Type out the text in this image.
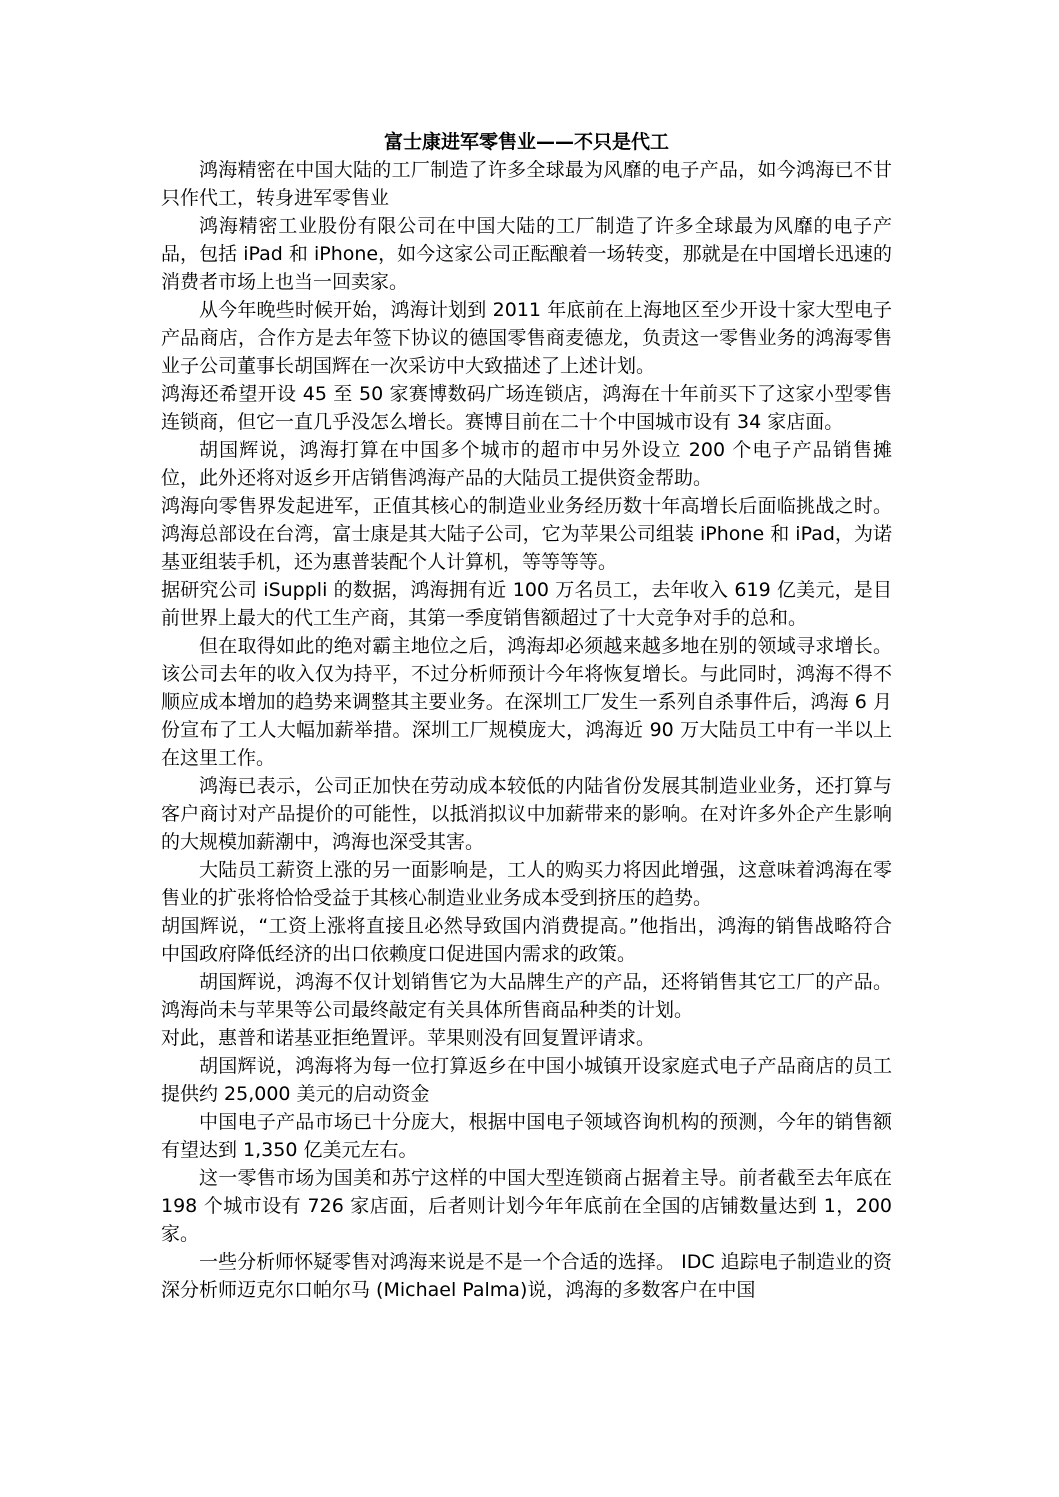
富士康进军零售业——不只是代工

鸿海精密在中国大陆的工厂制造了许多全球最为风靡的电子产品，如今鸿海已不甘只作代工，转身进军零售业

鸿海精密工业股份有限公司在中国大陆的工厂制造了许多全球最为风靡的电子产品，包括 iPad 和 iPhone，如今这家公司正酝酿着一场转变，那就是在中国增长迅速的消费者市场上也当一回卖家。

从今年晚些时候开始，鸿海计划到 2011 年底前在上海地区至少开设十家大型电子产品商店，合作方是去年签下协议的德国零售商麦德龙，负责这一零售业务的鸿海零售业子公司董事长胡国辉在一次采访中大致描述了上述计划。

鸿海还希望开设 45 至 50 家赛博数码广场连锁店，鸿海在十年前买下了这家小型零售连锁商，但它一直几乎没怎么增长。赛博目前在二十个中国城市设有 34 家店面。

胡国辉说，鸿海打算在中国多个城市的超市中另外设立 200 个电子产品销售摊位，此外还将对返乡开店销售鸿海产品的大陆员工提供资金帮助。

鸿海向零售界发起进军，正值其核心的制造业业务经历数十年高增长后面临挑战之时。鸿海总部设在台湾，富士康是其大陆子公司，它为苹果公司组装 iPhone 和 iPad，为诺基亚组装手机，还为惠普装配个人计算机，等等等等。

据研究公司 iSuppli 的数据，鸿海拥有近 100 万名员工，去年收入 619 亿美元，是目前世界上最大的代工生产商，其第一季度销售额超过了十大竞争对手的总和。

但在取得如此的绝对霸主地位之后，鸿海却必须越来越多地在别的领域寻求增长。该公司去年的收入仅为持平，不过分析师预计今年将恢复增长。与此同时，鸿海不得不顺应成本增加的趋势来调整其主要业务。在深圳工厂发生一系列自杀事件后，鸿海 6 月份宣布了工人大幅加薪举措。深圳工厂规模庞大，鸿海近 90 万大陆员工中有一半以上在这里工作。

鸿海已表示，公司正加快在劳动成本较低的内陆省份发展其制造业业务，还打算与客户商讨对产品提价的可能性，以抵消拟议中加薪带来的影响。在对许多外企产生影响的大规模加薪潮中，鸿海也深受其害。

大陆员工薪资上涨的另一面影响是，工人的购买力将因此增强，这意味着鸿海在零售业的扩张将恰恰受益于其核心制造业业务成本受到挤压的趋势。

胡国辉说，“工资上涨将直接且必然导致国内消费提高。”他指出，鸿海的销售战略符合中国政府降低经济的出口依赖度口促进国内需求的政策。

胡国辉说，鸿海不仅计划销售它为大品牌生产的产品，还将销售其它工厂的产品。鸿海尚未与苹果等公司最终敲定有关具体所售商品种类的计划。

对此，惠普和诺基亚拒绝置评。苹果则没有回复置评请求。

胡国辉说，鸿海将为每一位打算返乡在中国小城镇开设家庭式电子产品商店的员工提供约 25,000 美元的启动资金

中国电子产品市场已十分庞大，根据中国电子领域咨询机构的预测，今年的销售额有望达到 1,350 亿美元左右。

这一零售市场为国美和苏宁这样的中国大型连锁商占据着主导。前者截至去年底在 198 个城市设有 726 家店面，后者则计划今年年底前在全国的店铺数量达到 1，200 家。

一些分析师怀疑零售对鸿海来说是不是一个合适的选择。 IDC 追踪电子制造业的资深分析师迈克尔口帕尔马 (Michael Palma)说，鸿海的多数客户在中国
